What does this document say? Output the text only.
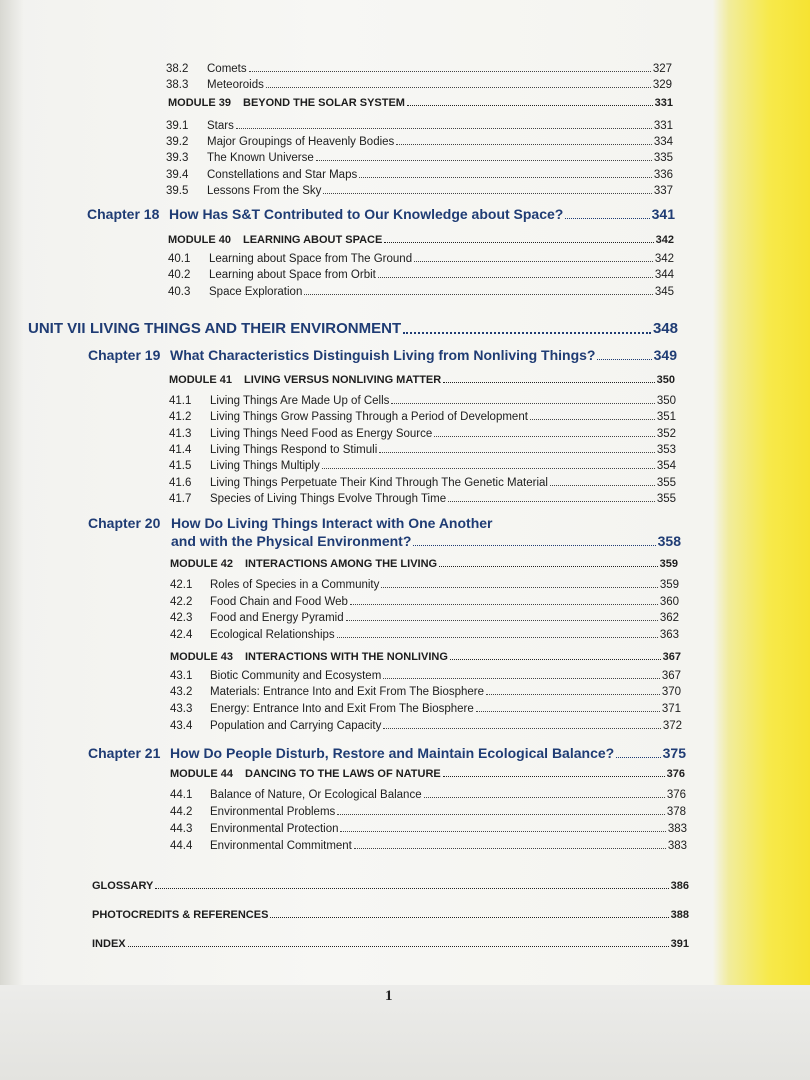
38.2	Comets	327
38.3	Meteoroids	329
MODULE 39	BEYOND THE SOLAR SYSTEM	331
39.1	Stars	331
39.2	Major Groupings of Heavenly Bodies	334
39.3	The Known Universe	335
39.4	Constellations and Star Maps	336
39.5	Lessons From the Sky	337
Chapter 18 How Has S&T Contributed to Our Knowledge about Space?	341
MODULE 40	LEARNING ABOUT SPACE	342
40.1	Learning about Space from The Ground	342
40.2	Learning about Space from Orbit	344
40.3	Space Exploration	345
UNIT VII LIVING THINGS AND THEIR ENVIRONMENT	348
Chapter 19 What Characteristics Distinguish Living from Nonliving Things?	349
MODULE 41	LIVING VERSUS NONLIVING MATTER	350
41.1	Living Things Are Made Up of Cells	350
41.2	Living Things Grow Passing Through a Period of Development	351
41.3	Living Things Need Food as Energy Source	352
41.4	Living Things Respond to Stimuli	353
41.5	Living Things Multiply	354
41.6	Living Things Perpetuate Their Kind Through The Genetic Material	355
41.7	Species of Living Things Evolve Through Time	355
Chapter 20 How Do Living Things Interact with One Another
and with the Physical Environment?	358
MODULE 42	INTERACTIONS AMONG THE LIVING	359
42.1	Roles of Species in a Community	359
42.2	Food Chain and Food Web	360
42.3	Food and Energy Pyramid	362
42.4	Ecological Relationships	363
MODULE 43	INTERACTIONS WITH THE NONLIVING	367
43.1	Biotic Community and Ecosystem	367
43.2	Materials: Entrance Into and Exit From The Biosphere	370
43.3	Energy: Entrance Into and Exit From The Biosphere	371
43.4	Population and Carrying Capacity	372
Chapter 21 How Do People Disturb, Restore and Maintain Ecological Balance?	375
MODULE 44	DANCING TO THE LAWS OF NATURE	376
44.1	Balance of Nature, Or Ecological Balance	376
44.2	Environmental Problems	378
44.3	Environmental Protection	383
44.4	Environmental Commitment	383
GLOSSARY	386
PHOTOCREDITS & REFERENCES	388
INDEX	391
1
